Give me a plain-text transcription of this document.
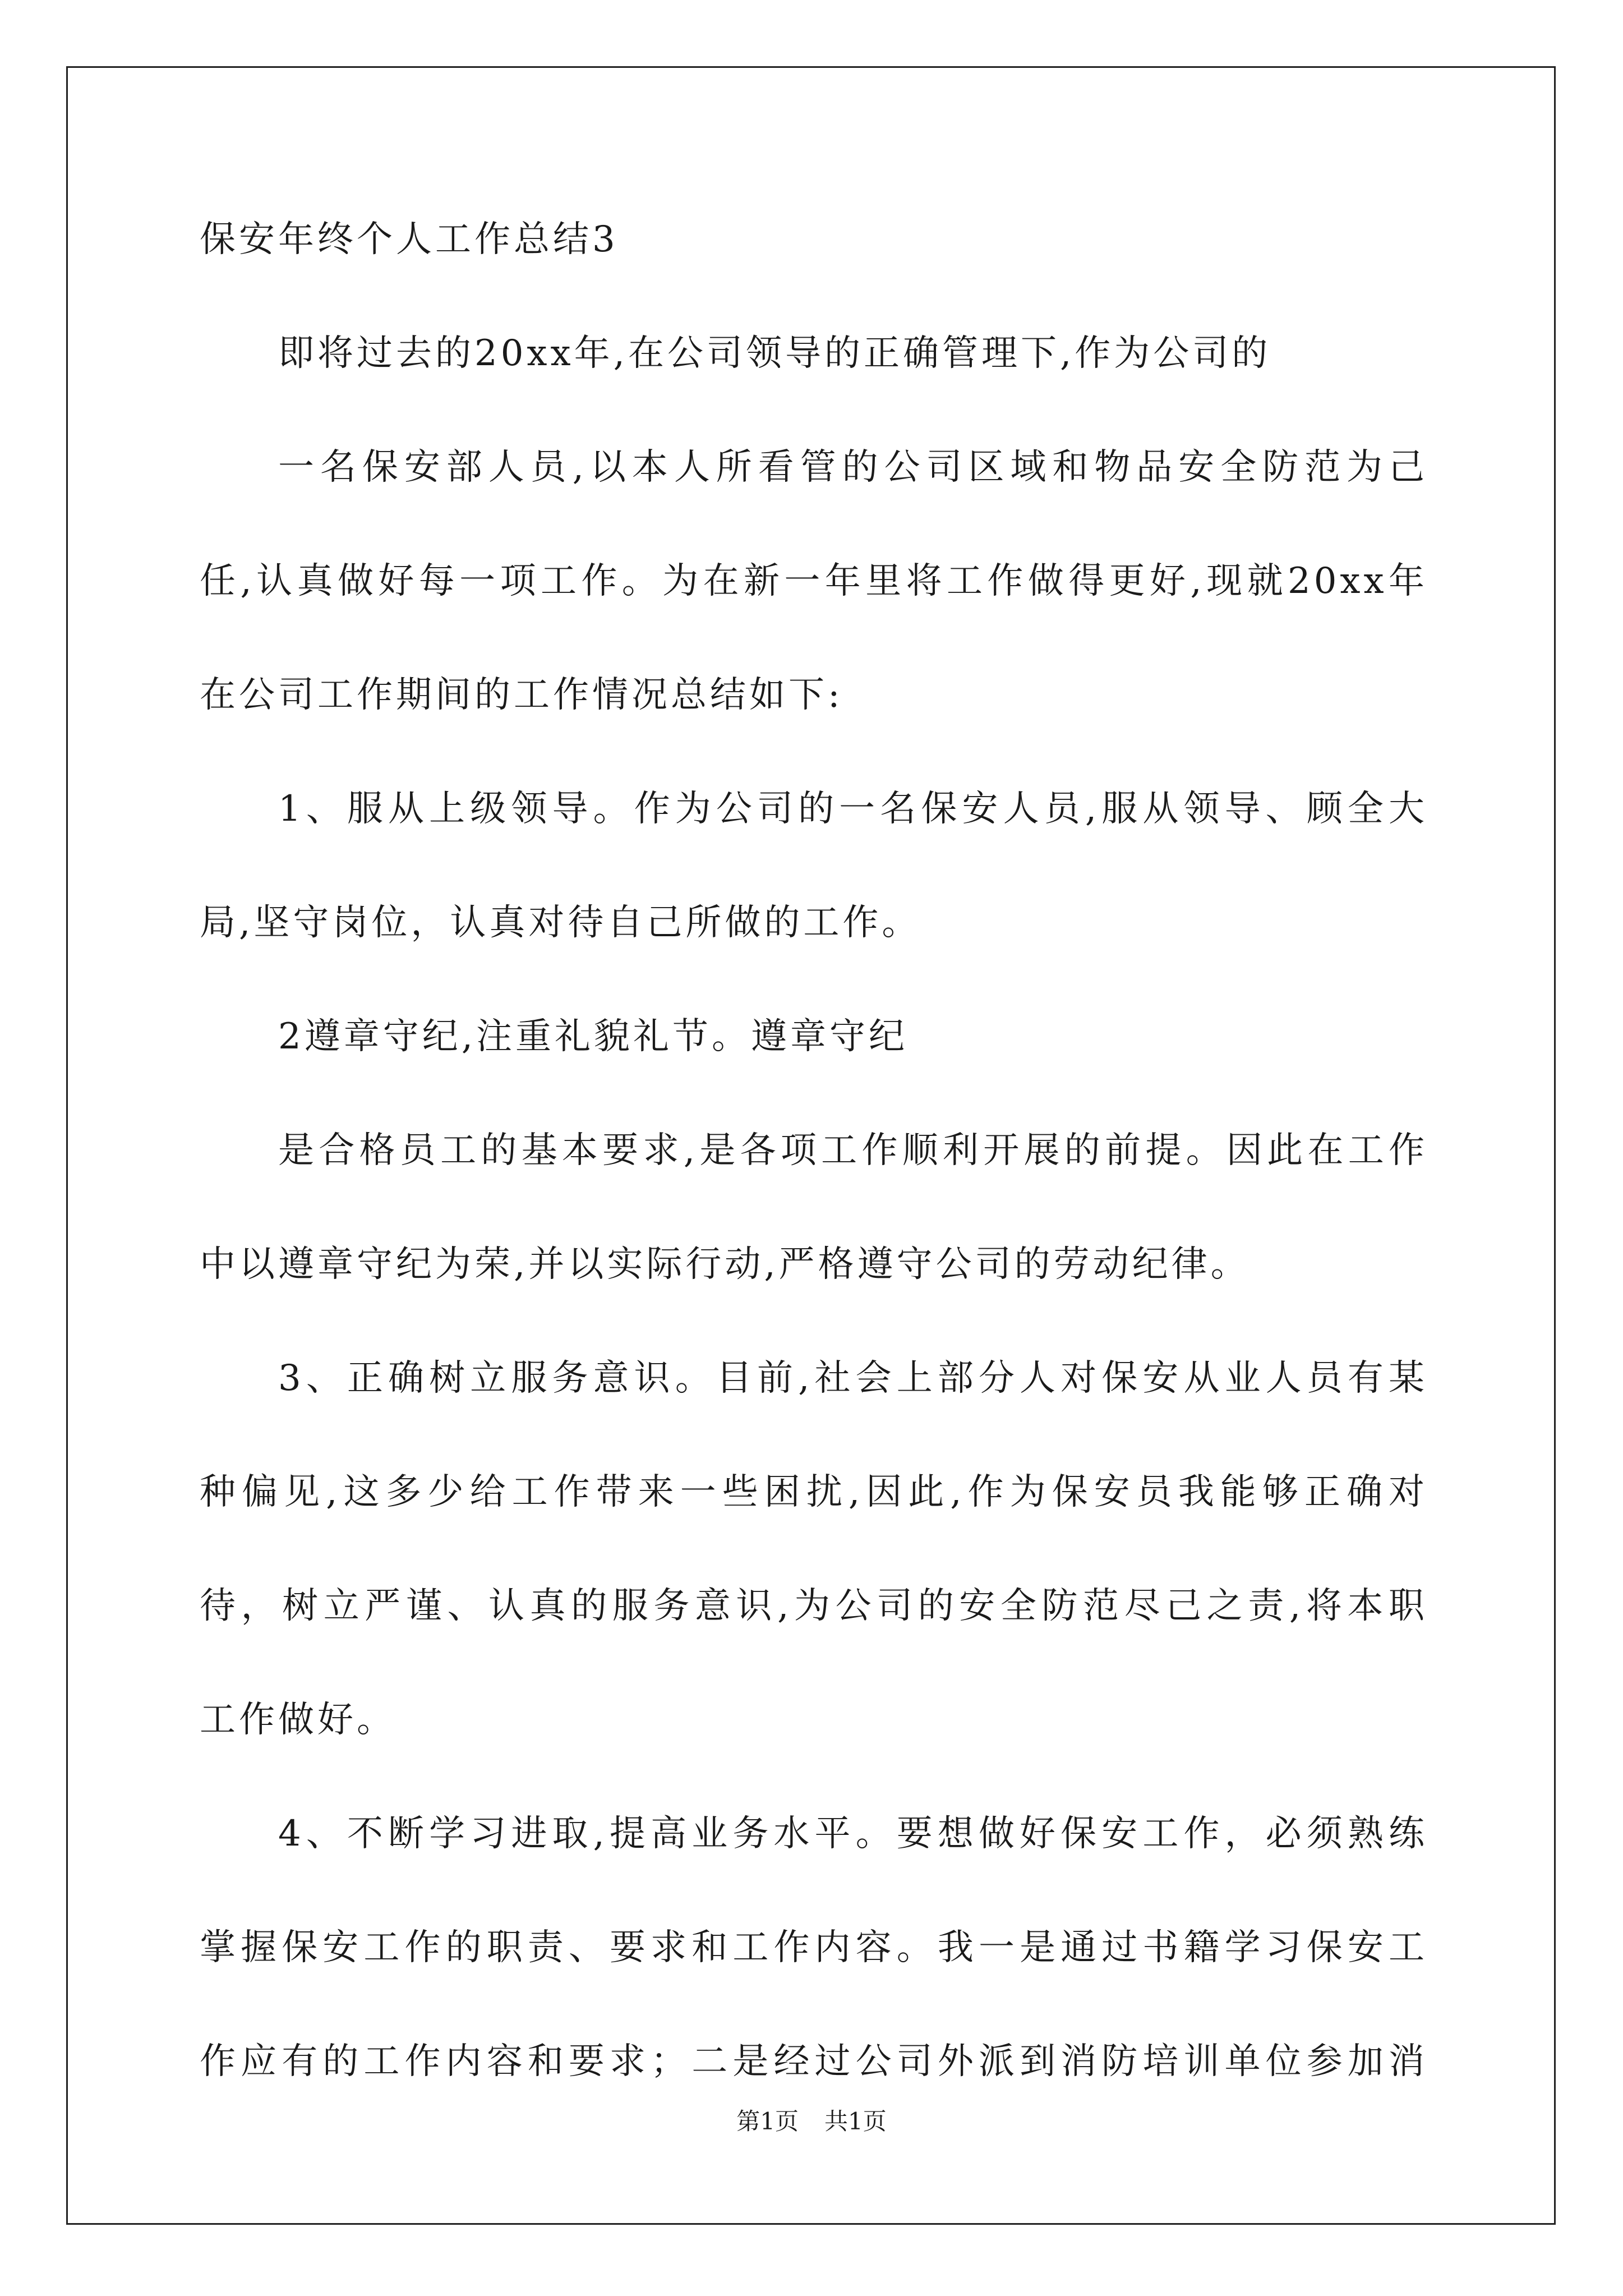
保安年终个人工作总结3
即将过去的20xx年,在公司领导的正确管理下,作为公司的
一名保安部人员,以本人所看管的公司区域和物品安全防范为己
任,认真做好每一项工作。为在新一年里将工作做得更好,现就20xx年
在公司工作期间的工作情况总结如下:
1、服从上级领导。作为公司的一名保安人员,服从领导、顾全大
局,坚守岗位，认真对待自己所做的工作。
2遵章守纪,注重礼貌礼节。遵章守纪
是合格员工的基本要求,是各项工作顺利开展的前提。因此在工作
中以遵章守纪为荣,并以实际行动,严格遵守公司的劳动纪律。
3、正确树立服务意识。目前,社会上部分人对保安从业人员有某
种偏见,这多少给工作带来一些困扰,因此,作为保安员我能够正确对
待，树立严谨、认真的服务意识,为公司的安全防范尽己之责,将本职
工作做好。
4、不断学习进取,提高业务水平。要想做好保安工作，必须熟练
掌握保安工作的职责、要求和工作内容。我一是通过书籍学习保安工
作应有的工作内容和要求；二是经过公司外派到消防培训单位参加消
第1页 共1页
